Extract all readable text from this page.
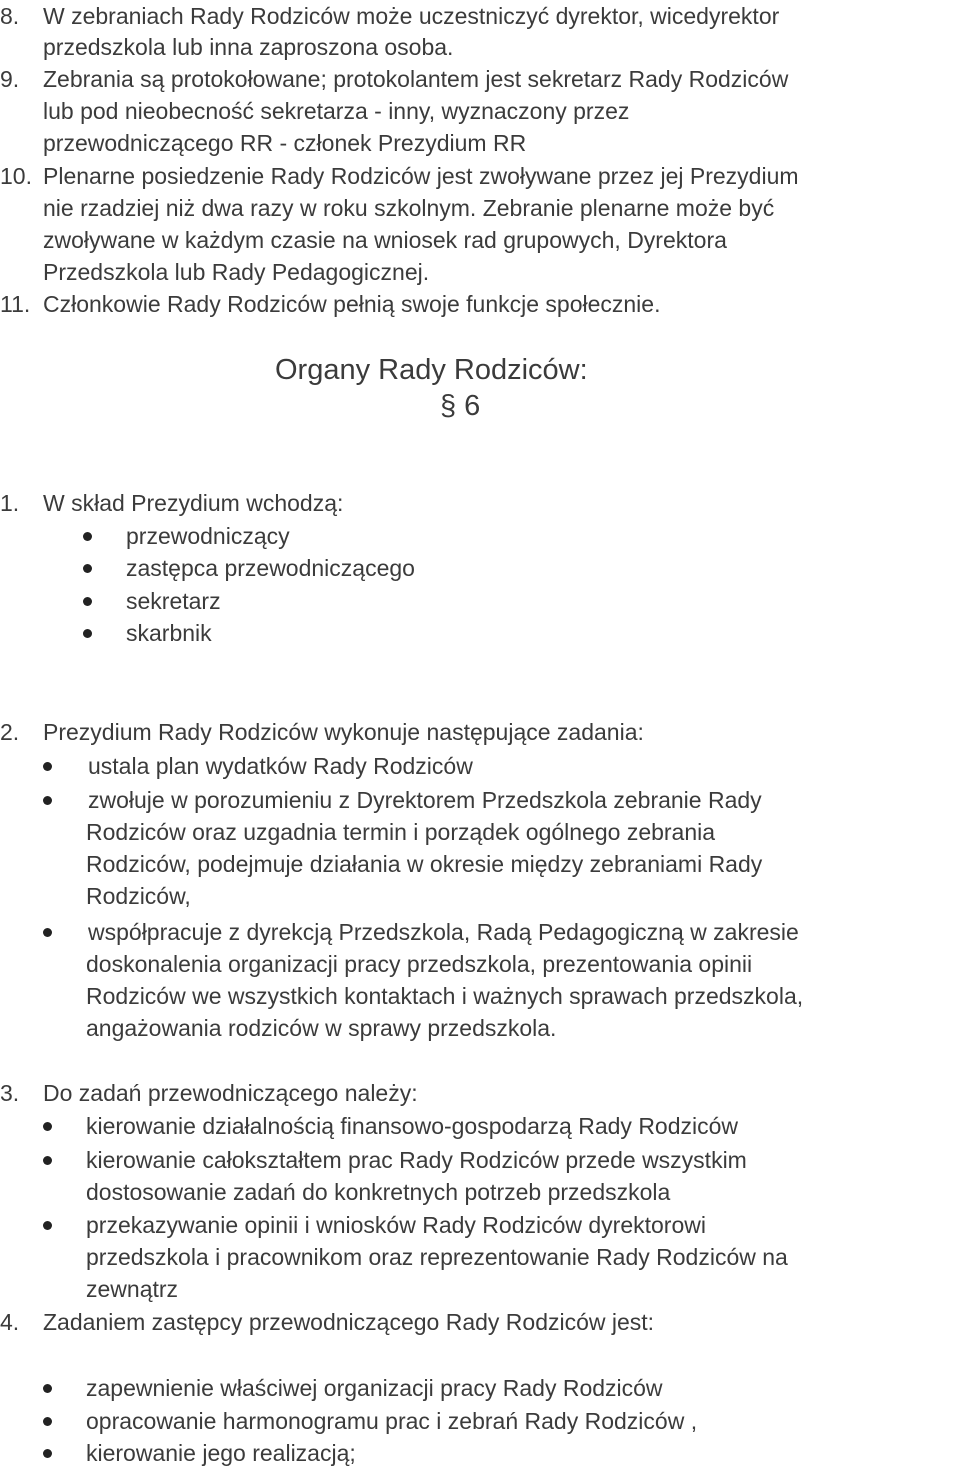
8. W zebraniach Rady Rodziców może uczestniczyć dyrektor, wicedyrektor
przedszkola lub inna zaproszona osoba.
9. Zebrania są protokołowane; protokolantem jest sekretarz Rady Rodziców
lub pod nieobecność sekretarza - inny, wyznaczony przez
przewodniczącego RR - członek Prezydium RR
10. Plenarne posiedzenie Rady Rodziców jest zwoływane przez jej Prezydium
nie rzadziej niż dwa razy w roku szkolnym. Zebranie plenarne może być
zwoływane w każdym czasie na wniosek rad grupowych, Dyrektora
Przedszkola lub Rady Pedagogicznej.
11. Członkowie Rady Rodziców pełnią swoje funkcje społecznie.
Organy Rady Rodziców:
§ 6
1. W skład Prezydium wchodzą:
przewodniczący
zastępca przewodniczącego
sekretarz
skarbnik
2. Prezydium Rady Rodziców wykonuje następujące zadania:
ustala plan wydatków Rady Rodziców
zwołuje w porozumieniu z Dyrektorem Przedszkola zebranie Rady
Rodziców oraz uzgadnia termin i porządek ogólnego zebrania
Rodziców, podejmuje działania w okresie między zebraniami Rady
Rodziców,
współpracuje z dyrekcją Przedszkola, Radą Pedagogiczną w zakresie
doskonalenia organizacji pracy przedszkola, prezentowania opinii
Rodziców we wszystkich kontaktach i ważnych sprawach przedszkola,
angażowania rodziców w sprawy przedszkola.
3. Do zadań przewodniczącego należy:
kierowanie działalnością finansowo-gospodarzą Rady Rodziców
kierowanie całokształtem prac Rady Rodziców przede wszystkim
dostosowanie zadań do konkretnych potrzeb przedszkola
przekazywanie opinii i wniosków Rady Rodziców dyrektorowi
przedszkola i pracownikom oraz reprezentowanie Rady Rodziców na
zewnątrz
4. Zadaniem zastępcy przewodniczącego Rady Rodziców jest:
zapewnienie właściwej organizacji pracy Rady Rodziców
opracowanie harmonogramu prac i zebrań Rady Rodziców ,
kierowanie jego realizacją;
